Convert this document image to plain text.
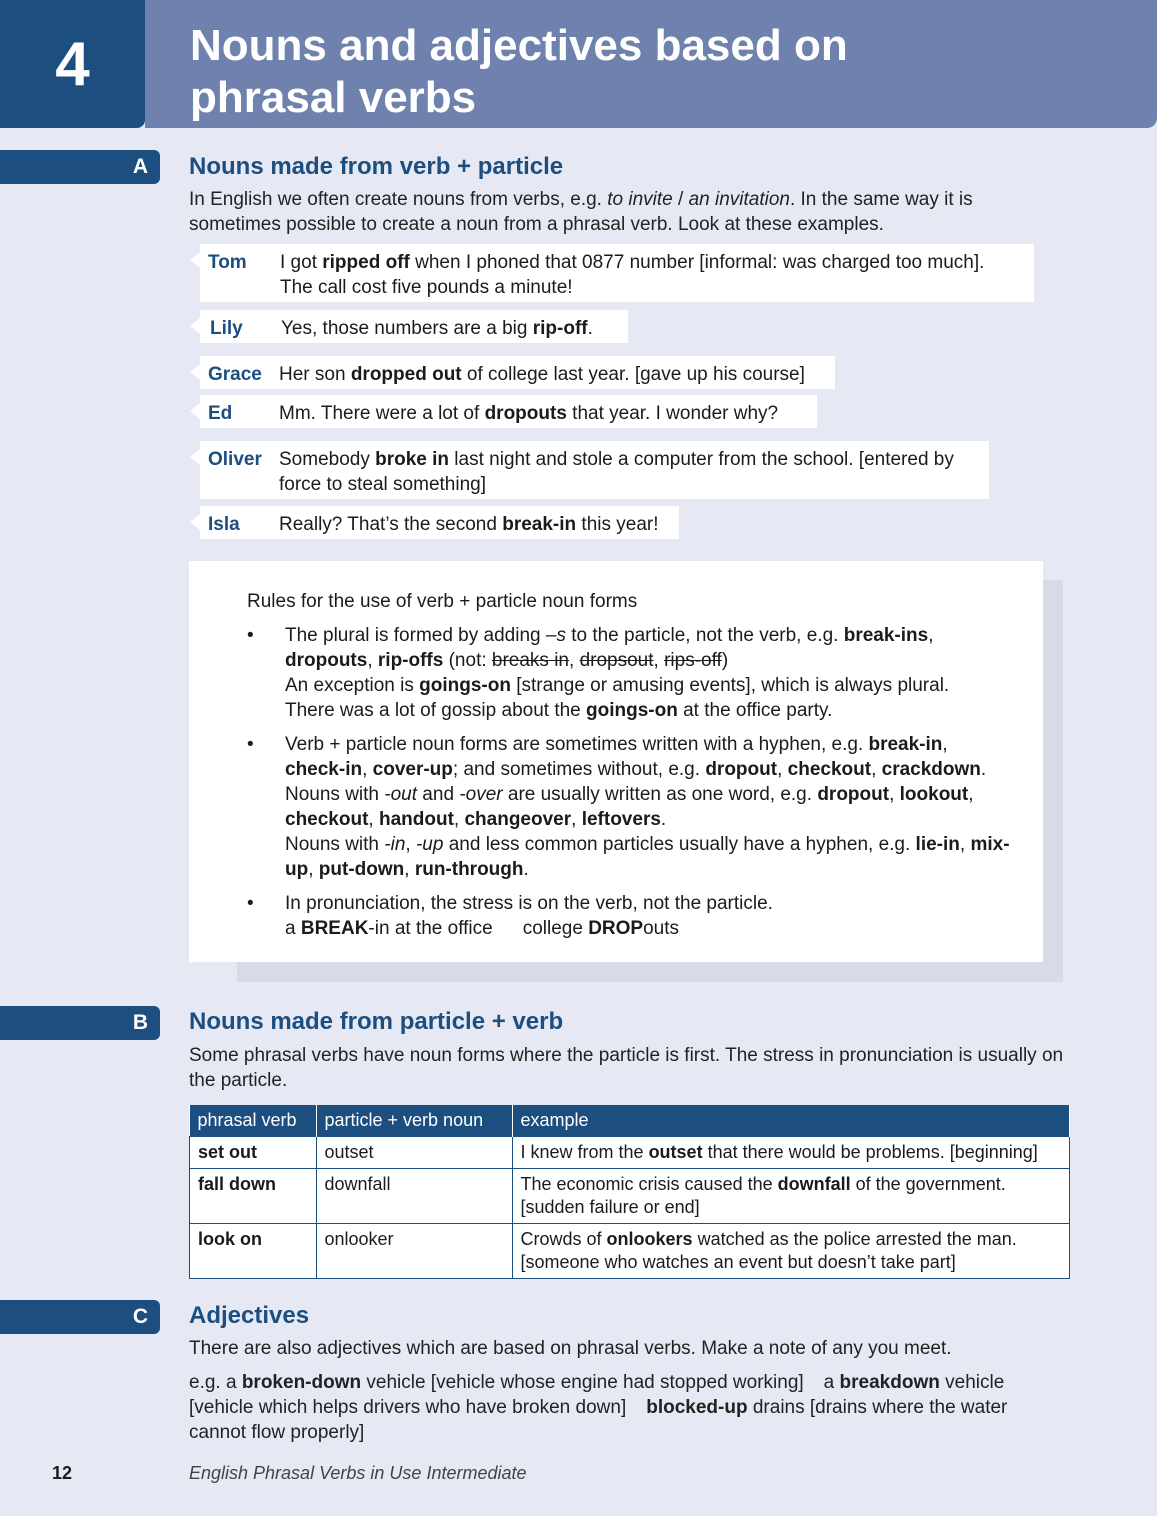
4	Nouns and adjectives based on
phrasal verbs
A	Nouns made from verb + particle
In English we often create nouns from verbs, e.g. to invite / an invitation. In the same way it is sometimes possible to create a noun from a phrasal verb. Look at these examples.
Tom I got ripped off when I phoned that 0877 number [informal: was charged too much]. The call cost five pounds a minute!
Lily Yes, those numbers are a big rip-off.
Grace Her son dropped out of college last year. [gave up his course]
Ed Mm. There were a lot of dropouts that year. I wonder why?
Oliver Somebody broke in last night and stole a computer from the school. [entered by force to steal something]
Isla Really? That’s the second break-in this year!
Rules for the use of verb + particle noun forms
• The plural is formed by adding –s to the particle, not the verb, e.g. break-ins,
dropouts, rip-offs (not: breaks in, dropsout, rips-off)
An exception is goings-on [strange or amusing events], which is always plural.
There was a lot of gossip about the goings-on at the office party.
• Verb + particle noun forms are sometimes written with a hyphen, e.g. break-in,
check-in, cover-up; and sometimes without, e.g. dropout, checkout, crackdown.
Nouns with -out and -over are usually written as one word, e.g. dropout, lookout,
checkout, handout, changeover, leftovers.
Nouns with -in, -up and less common particles usually have a hyphen, e.g. lie-in, mix-up, put-down, run-through.
• In pronunciation, the stress is on the verb, not the particle.
a BREAK-in at the office college DROPouts
B	Nouns made from particle + verb
Some phrasal verbs have noun forms where the particle is first. The stress in pronunciation is usually on the particle.
phrasal verb	particle + verb noun	example
set out	outset	I knew from the outset that there would be problems. [beginning]
fall down	downfall	The economic crisis caused the downfall of the government. [sudden failure or end]
look on	onlooker	Crowds of onlookers watched as the police arrested the man. [someone who watches an event but doesn’t take part]
C	Adjectives
There are also adjectives which are based on phrasal verbs. Make a note of any you meet.
e.g. a broken-down vehicle [vehicle whose engine had stopped working] a breakdown vehicle [vehicle which helps drivers who have broken down] blocked-up drains [drains where the water cannot flow properly]
12	English Phrasal Verbs in Use Intermediate
